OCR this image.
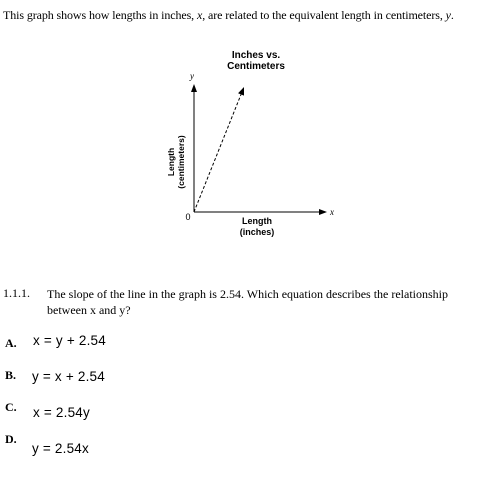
This graph shows how lengths in inches, x, are related to the equivalent length in centimeters, y.
Inches vs.
Centimeters
y
x
0
Length (centimeters)
Length
(inches)
1.1.1. The slope of the line in the graph is 2.54. Which equation describes the relationship between x and y?
A. x = y + 2.54
B. y = x + 2.54
C. x = 2.54y
D.
y = 2.54x
